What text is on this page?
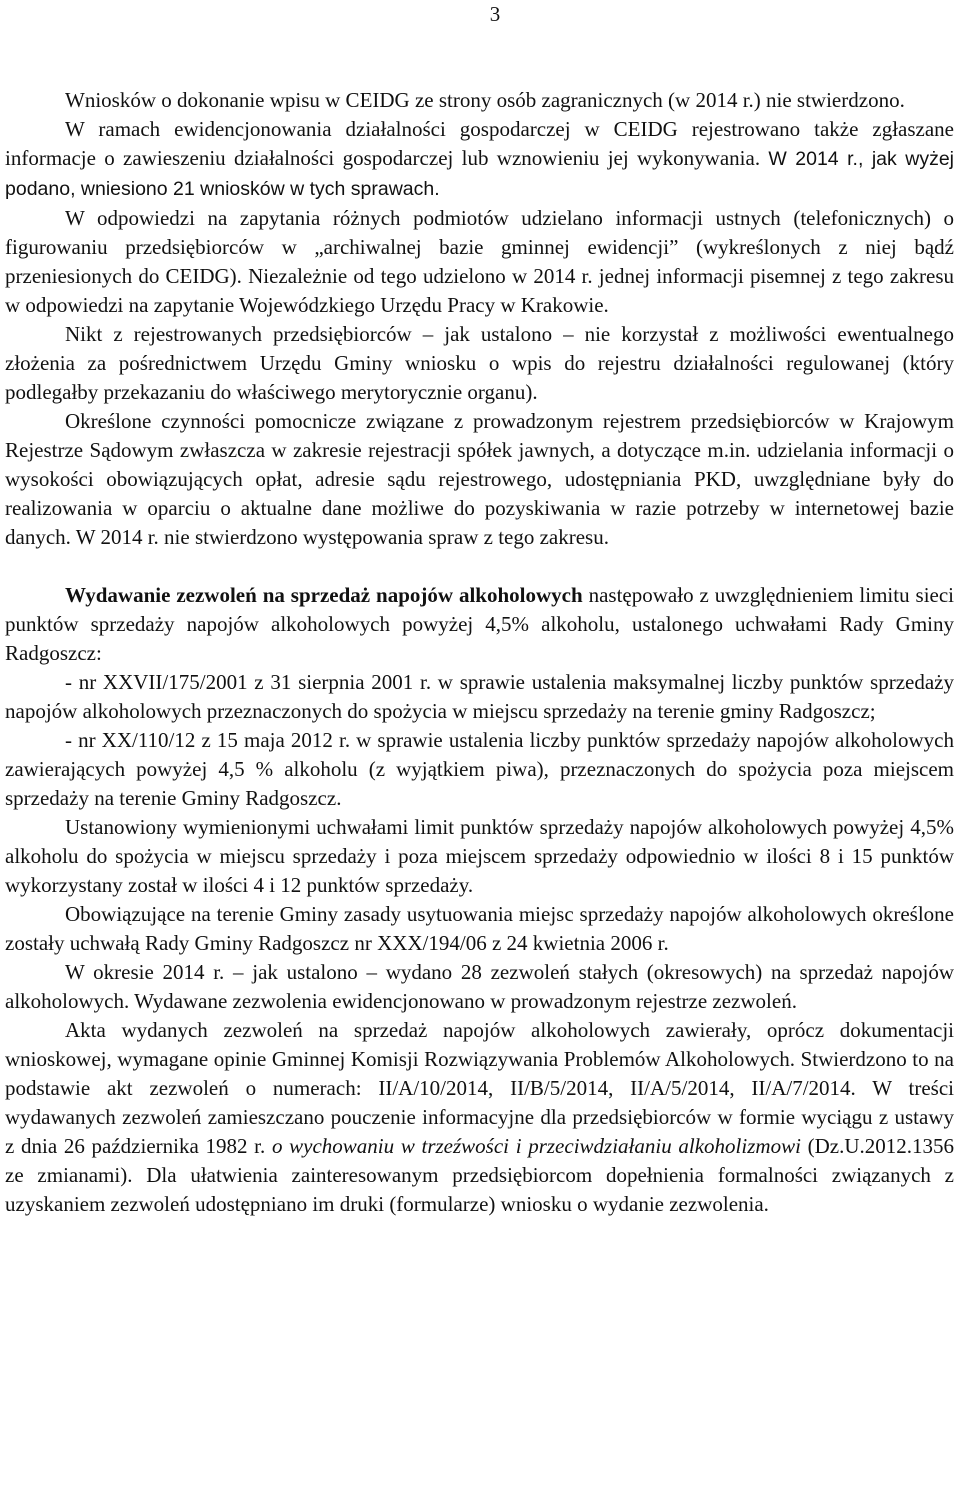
3

Wniosków o dokonanie wpisu w CEIDG ze strony osób zagranicznych (w 2014 r.) nie stwierdzono.

W ramach ewidencjonowania działalności gospodarczej w CEIDG rejestrowano także zgłaszane informacje o zawieszeniu działalności gospodarczej lub wznowieniu jej wykonywania. W 2014 r., jak wyżej podano, wniesiono 21 wniosków w tych sprawach.

W odpowiedzi na zapytania różnych podmiotów udzielano informacji ustnych (telefonicznych) o figurowaniu przedsiębiorców w „archiwalnej bazie gminnej ewidencji” (wykreślonych z niej bądź przeniesionych do CEIDG). Niezależnie od tego udzielono w 2014 r. jednej informacji pisemnej z tego zakresu w odpowiedzi na zapytanie Wojewódzkiego Urzędu Pracy w Krakowie.

Nikt z rejestrowanych przedsiębiorców – jak ustalono – nie korzystał z możliwości ewentualnego złożenia za pośrednictwem Urzędu Gminy wniosku o wpis do rejestru działalności regulowanej (który podlegałby przekazaniu do właściwego merytorycznie organu).

Określone czynności pomocnicze związane z prowadzonym rejestrem przedsiębiorców w Krajowym Rejestrze Sądowym zwłaszcza w zakresie rejestracji spółek jawnych, a dotyczące m.in. udzielania informacji o wysokości obowiązujących opłat, adresie sądu rejestrowego, udostępniania PKD, uwzględniane były do realizowania w oparciu o aktualne dane możliwe do pozyskiwania w razie potrzeby w internetowej bazie danych. W 2014 r. nie stwierdzono występowania spraw z tego zakresu.

Wydawanie zezwoleń na sprzedaż napojów alkoholowych następowało z uwzględnieniem limitu sieci punktów sprzedaży napojów alkoholowych powyżej 4,5% alkoholu, ustalonego uchwałami Rady Gminy Radgoszcz:

- nr XXVII/175/2001 z 31 sierpnia 2001 r. w sprawie ustalenia maksymalnej liczby punktów sprzedaży napojów alkoholowych przeznaczonych do spożycia w miejscu sprzedaży na terenie gminy Radgoszcz;

- nr XX/110/12 z 15 maja 2012 r. w sprawie ustalenia liczby punktów sprzedaży napojów alkoholowych zawierających powyżej 4,5 % alkoholu (z wyjątkiem piwa), przeznaczonych do spożycia poza miejscem sprzedaży na terenie Gminy Radgoszcz.

Ustanowiony wymienionymi uchwałami limit punktów sprzedaży napojów alkoholowych powyżej 4,5% alkoholu do spożycia w miejscu sprzedaży i poza miejscem sprzedaży odpowiednio w ilości 8 i 15 punktów wykorzystany został w ilości 4 i 12 punktów sprzedaży.

Obowiązujące na terenie Gminy zasady usytuowania miejsc sprzedaży napojów alkoholowych określone zostały uchwałą Rady Gminy Radgoszcz nr XXX/194/06 z 24 kwietnia 2006 r.

W okresie 2014 r. – jak ustalono – wydano 28 zezwoleń stałych (okresowych) na sprzedaż napojów alkoholowych. Wydawane zezwolenia ewidencjonowano w prowadzonym rejestrze zezwoleń.

Akta wydanych zezwoleń na sprzedaż napojów alkoholowych zawierały, oprócz dokumentacji wnioskowej, wymagane opinie Gminnej Komisji Rozwiązywania Problemów Alkoholowych. Stwierdzono to na podstawie akt zezwoleń o numerach: II/A/10/2014, II/B/5/2014, II/A/5/2014, II/A/7/2014. W treści wydawanych zezwoleń zamieszczano pouczenie informacyjne dla przedsiębiorców w formie wyciągu z ustawy z dnia 26 października 1982 r. o wychowaniu w trzeźwości i przeciwdziałaniu alkoholizmowi (Dz.U.2012.1356 ze zmianami). Dla ułatwienia zainteresowanym przedsiębiorcom dopełnienia formalności związanych z uzyskaniem zezwoleń udostępniano im druki (formularze) wniosku o wydanie zezwolenia.
